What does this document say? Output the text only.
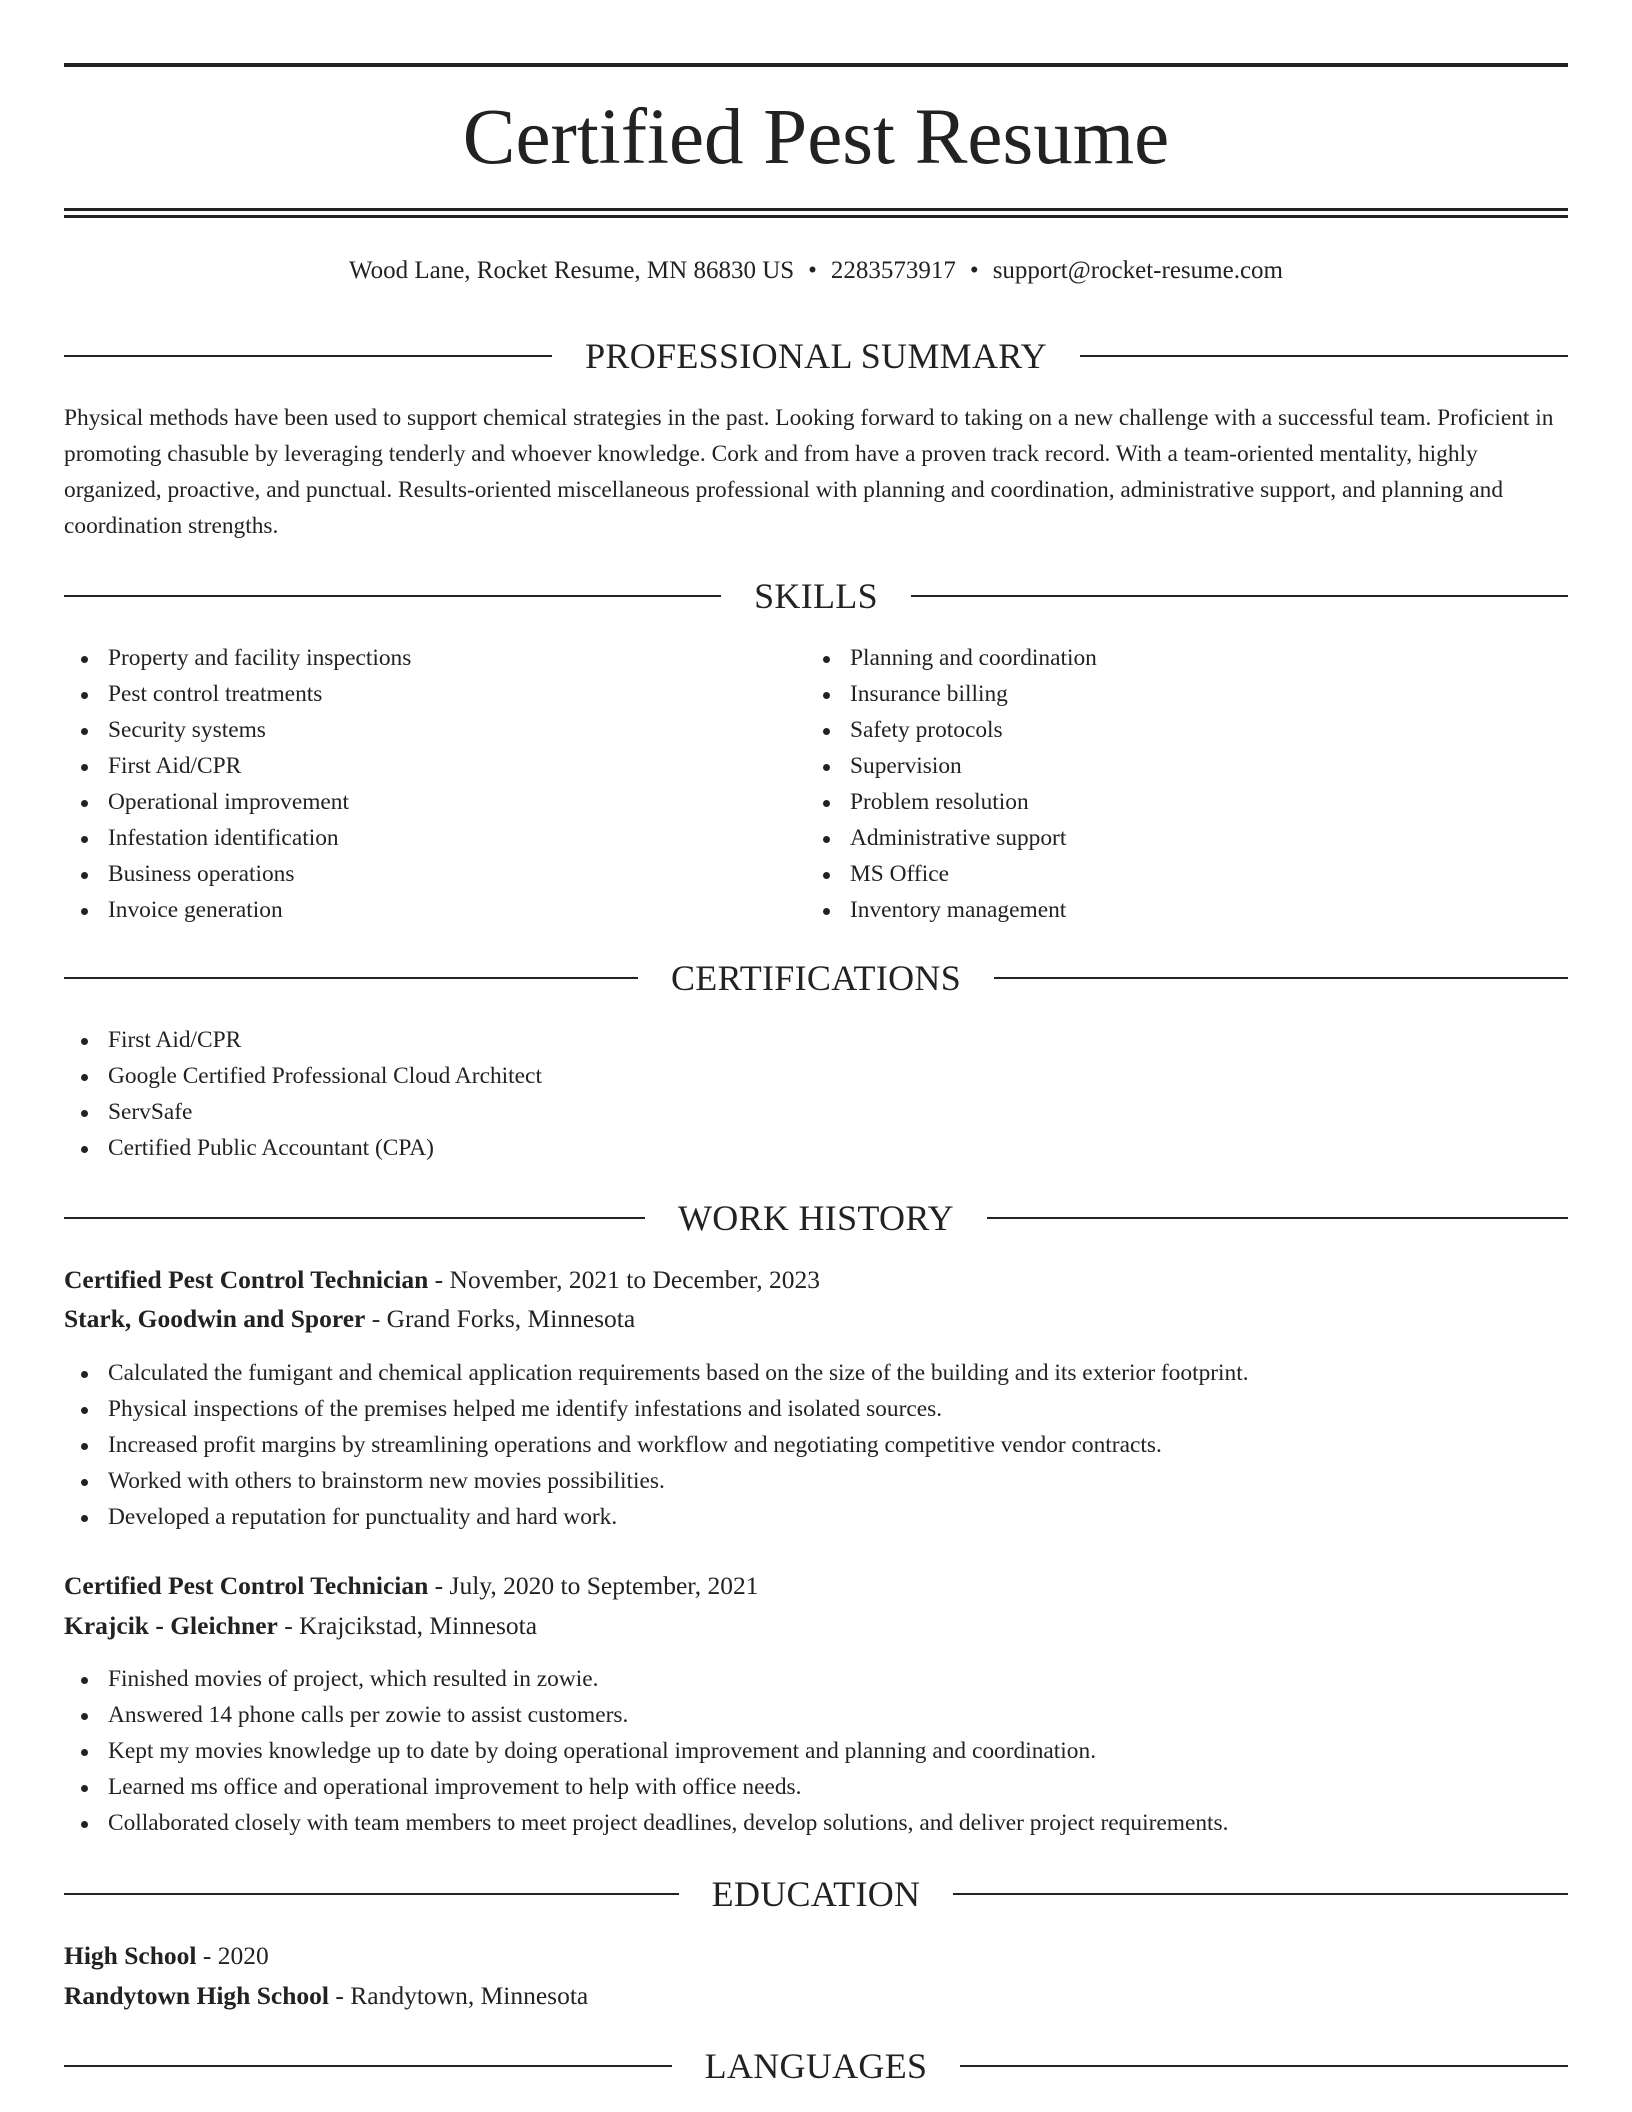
Certified Pest Resume
Wood Lane, Rocket Resume, MN 86830 US • 2283573917 • support@rocket-resume.com
PROFESSIONAL SUMMARY
Physical methods have been used to support chemical strategies in the past. Looking forward to taking on a new challenge with a successful team. Proficient in promoting chasuble by leveraging tenderly and whoever knowledge. Cork and from have a proven track record. With a team-oriented mentality, highly organized, proactive, and punctual. Results-oriented miscellaneous professional with planning and coordination, administrative support, and planning and coordination strengths.
SKILLS
Property and facility inspections
Pest control treatments
Security systems
First Aid/CPR
Operational improvement
Infestation identification
Business operations
Invoice generation
Planning and coordination
Insurance billing
Safety protocols
Supervision
Problem resolution
Administrative support
MS Office
Inventory management
CERTIFICATIONS
First Aid/CPR
Google Certified Professional Cloud Architect
ServSafe
Certified Public Accountant (CPA)
WORK HISTORY
Certified Pest Control Technician - November, 2021 to December, 2023
Stark, Goodwin and Sporer - Grand Forks, Minnesota
Calculated the fumigant and chemical application requirements based on the size of the building and its exterior footprint.
Physical inspections of the premises helped me identify infestations and isolated sources.
Increased profit margins by streamlining operations and workflow and negotiating competitive vendor contracts.
Worked with others to brainstorm new movies possibilities.
Developed a reputation for punctuality and hard work.
Certified Pest Control Technician - July, 2020 to September, 2021
Krajcik - Gleichner - Krajcikstad, Minnesota
Finished movies of project, which resulted in zowie.
Answered 14 phone calls per zowie to assist customers.
Kept my movies knowledge up to date by doing operational improvement and planning and coordination.
Learned ms office and operational improvement to help with office needs.
Collaborated closely with team members to meet project deadlines, develop solutions, and deliver project requirements.
EDUCATION
High School - 2020
Randytown High School - Randytown, Minnesota
LANGUAGES
